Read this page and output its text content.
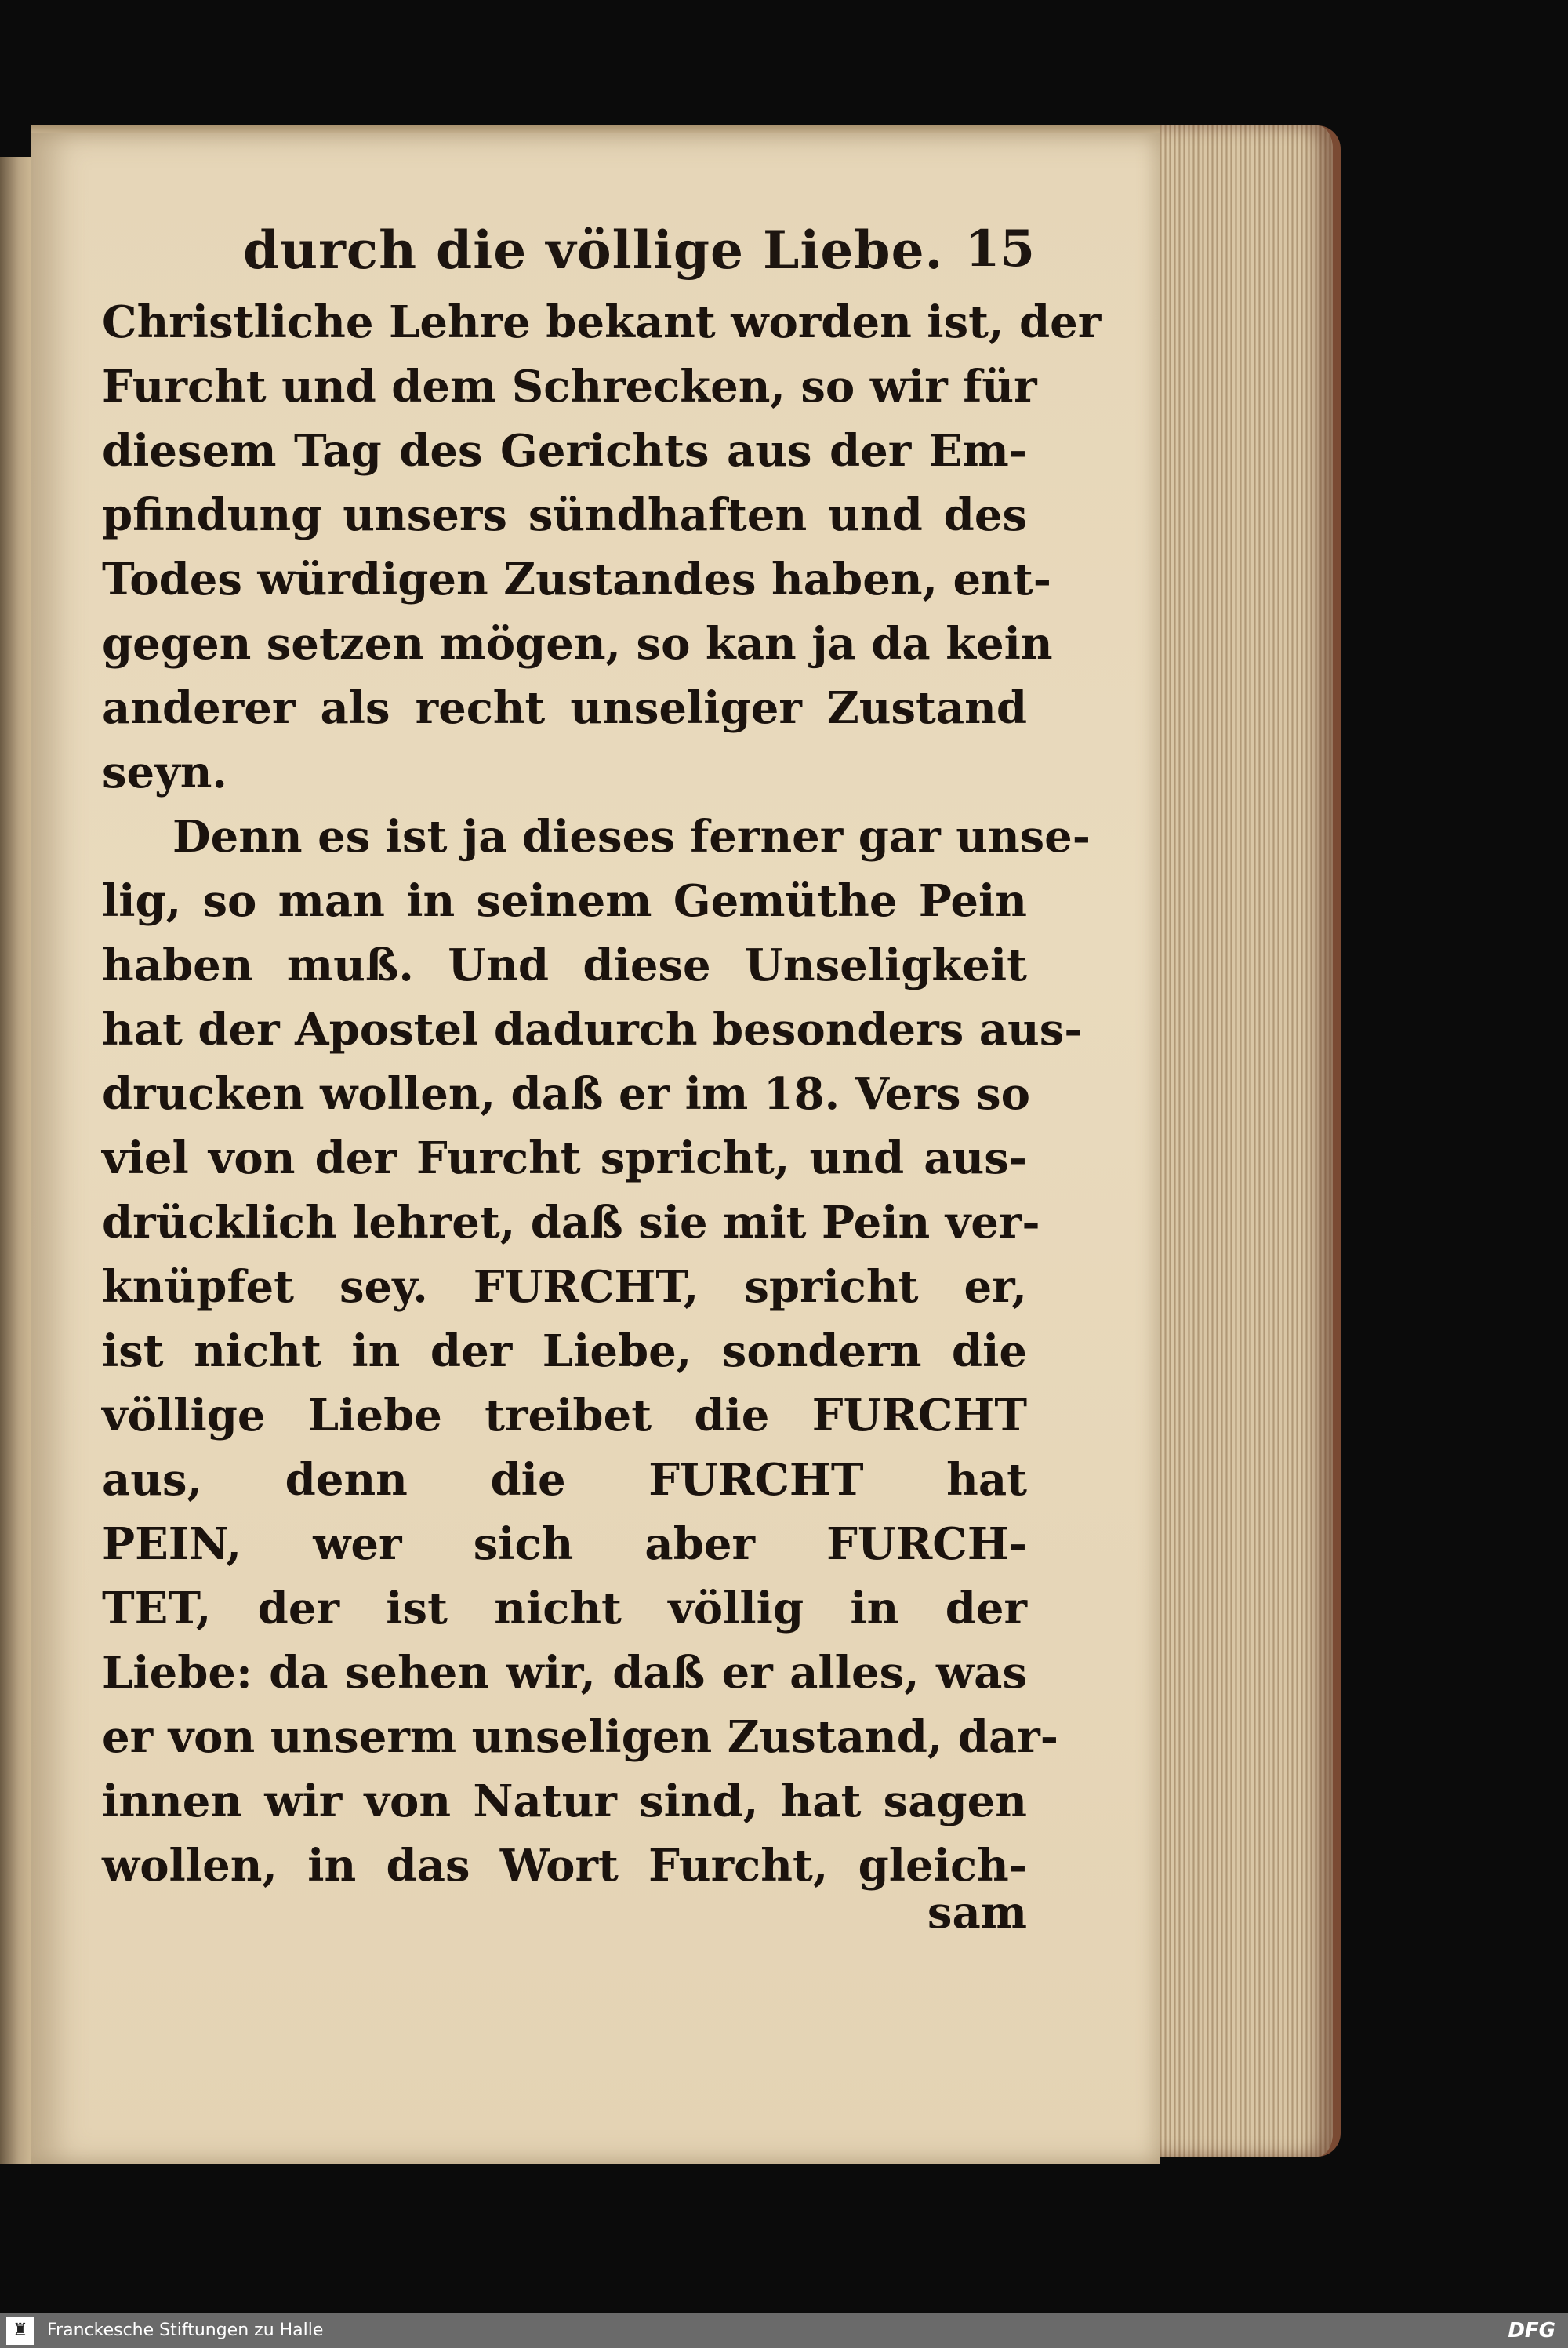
durch die völlige Liebe. 15
Christliche Lehre bekant worden ist, der
Furcht und dem Schrecken, so wir für
diesem Tag des Gerichts aus der Em-
pfindung unsers sündhaften und des
Todes würdigen Zustandes haben, ent-
gegen setzen mögen, so kan ja da kein
anderer als recht unseliger Zustand
seyn.
Denn es ist ja dieses ferner gar unse-
lig, so man in seinem Gemüthe Pein
haben muß. Und diese Unseligkeit
hat der Apostel dadurch besonders aus-
drucken wollen, daß er im 18. Vers so
viel von der Furcht spricht, und aus-
drücklich lehret, daß sie mit Pein ver-
knüpfet sey. FURCHT, spricht er,
ist nicht in der Liebe, sondern die
völlige Liebe treibet die FURCHT
aus, denn die FURCHT hat
PEIN, wer sich aber FURCH-
TET, der ist nicht völlig in der
Liebe: da sehen wir, daß er alles, was
er von unserm unseligen Zustand, dar-
innen wir von Natur sind, hat sagen
wollen, in das Wort Furcht, gleich-
sam
♜	Franckesche Stiftungen zu Halle	DFG
